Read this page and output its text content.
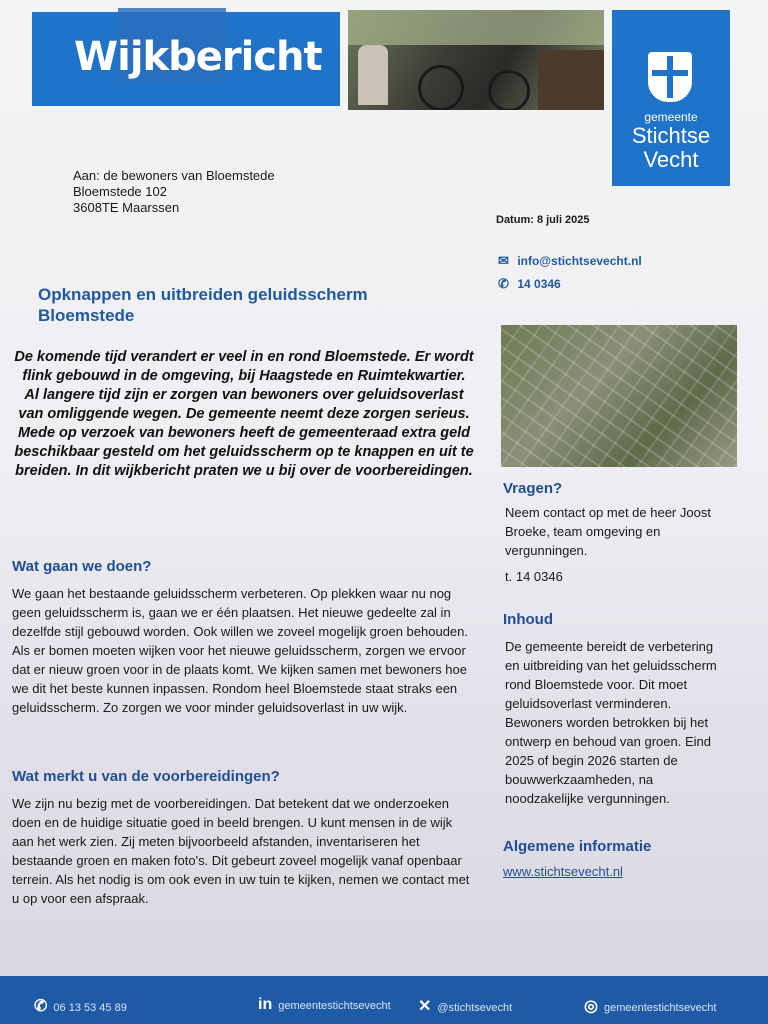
Wijkbericht
gemeente
Stichtse
Vecht
Aan: de bewoners van Bloemstede
Bloemstede 102
3608TE Maarssen
Datum: 8 juli 2025
✉ info@stichtsevecht.nl
✆ 14 0346
Opknappen en uitbreiden geluidsscherm Bloemstede
De komende tijd verandert er veel in en rond Bloemstede. Er wordt flink gebouwd in de omgeving, bij Haagstede en Ruimtekwartier. Al langere tijd zijn er zorgen van bewoners over geluidsoverlast van omliggende wegen. De gemeente neemt deze zorgen serieus. Mede op verzoek van bewoners heeft de gemeenteraad extra geld beschikbaar gesteld om het geluidsscherm op te knappen en uit te breiden. In dit wijkbericht praten we u bij over de voorbereidingen.
Vragen?
Neem contact op met de heer Joost Broeke, team omgeving en vergunningen.
t. 14 0346
Wat gaan we doen?
We gaan het bestaande geluidsscherm verbeteren. Op plekken waar nu nog geen geluidsscherm is, gaan we er één plaatsen. Het nieuwe gedeelte zal in dezelfde stijl gebouwd worden. Ook willen we zoveel mogelijk groen behouden. Als er bomen moeten wijken voor het nieuwe geluidsscherm, zorgen we ervoor dat er nieuw groen voor in de plaats komt. We kijken samen met bewoners hoe we dit het beste kunnen inpassen. Rondom heel Bloemstede staat straks een geluidsscherm. Zo zorgen we voor minder geluidsoverlast in uw wijk.
Inhoud
De gemeente bereidt de verbetering en uitbreiding van het geluidsscherm rond Bloemstede voor. Dit moet geluidsoverlast verminderen. Bewoners worden betrokken bij het ontwerp en behoud van groen. Eind 2025 of begin 2026 starten de bouwwerkzaamheden, na noodzakelijke vergunningen.
Wat merkt u van de voorbereidingen?
We zijn nu bezig met de voorbereidingen. Dat betekent dat we onderzoeken doen en de huidige situatie goed in beeld brengen. U kunt mensen in de wijk aan het werk zien. Zij meten bijvoorbeeld afstanden, inventariseren het bestaande groen en maken foto's. Dit gebeurt zoveel mogelijk vanaf openbaar terrein. Als het nodig is om ook even in uw tuin te kijken, nemen we contact met u op voor een afspraak.
Algemene informatie
www.stichtsevecht.nl
✆ 06 13 53 45 89	in gemeentestichtsevecht ✕ @stichtsevecht	◎ gemeentestichtsevecht
